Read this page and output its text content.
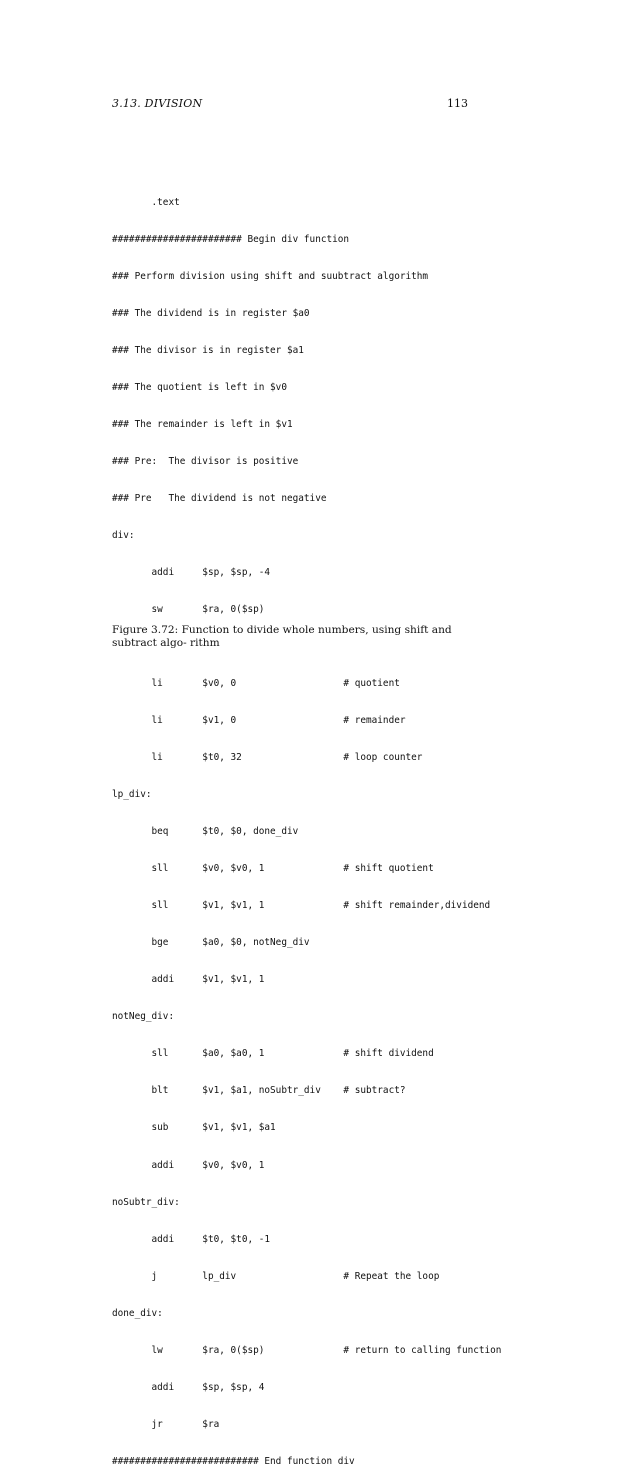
3.13. DIVISION	113

.text

####################### Begin div function

### Perform division using shift and suubtract algorithm

### The dividend is in register $a0

### The divisor is in register $a1

### The quotient is left in $v0

### The remainder is left in $v1

### Pre:  The divisor is positive

### Pre   The dividend is not negative

div:

addi     $sp, $sp, -4

sw       $ra, 0($sp)

li       $v0, 0                   # quotient

li       $v1, 0                   # remainder

li       $t0, 32                  # loop counter

lp_div:

beq      $t0, $0, done_div

sll      $v0, $v0, 1              # shift quotient

sll      $v1, $v1, 1              # shift remainder,dividend

bge      $a0, $0, notNeg_div

addi     $v1, $v1, 1

notNeg_div:

sll      $a0, $a0, 1              # shift dividend

blt      $v1, $a1, noSubtr_div    # subtract?

sub      $v1, $v1, $a1

addi     $v0, $v0, 1

noSubtr_div:

addi     $t0, $t0, -1

j        lp_div                   # Repeat the loop

done_div:

lw       $ra, 0($sp)              # return to calling function

addi     $sp, $sp, 4

jr       $ra

########################## End function div

Figure 3.72: Function to divide whole numbers, using shift and subtract algo- rithm
